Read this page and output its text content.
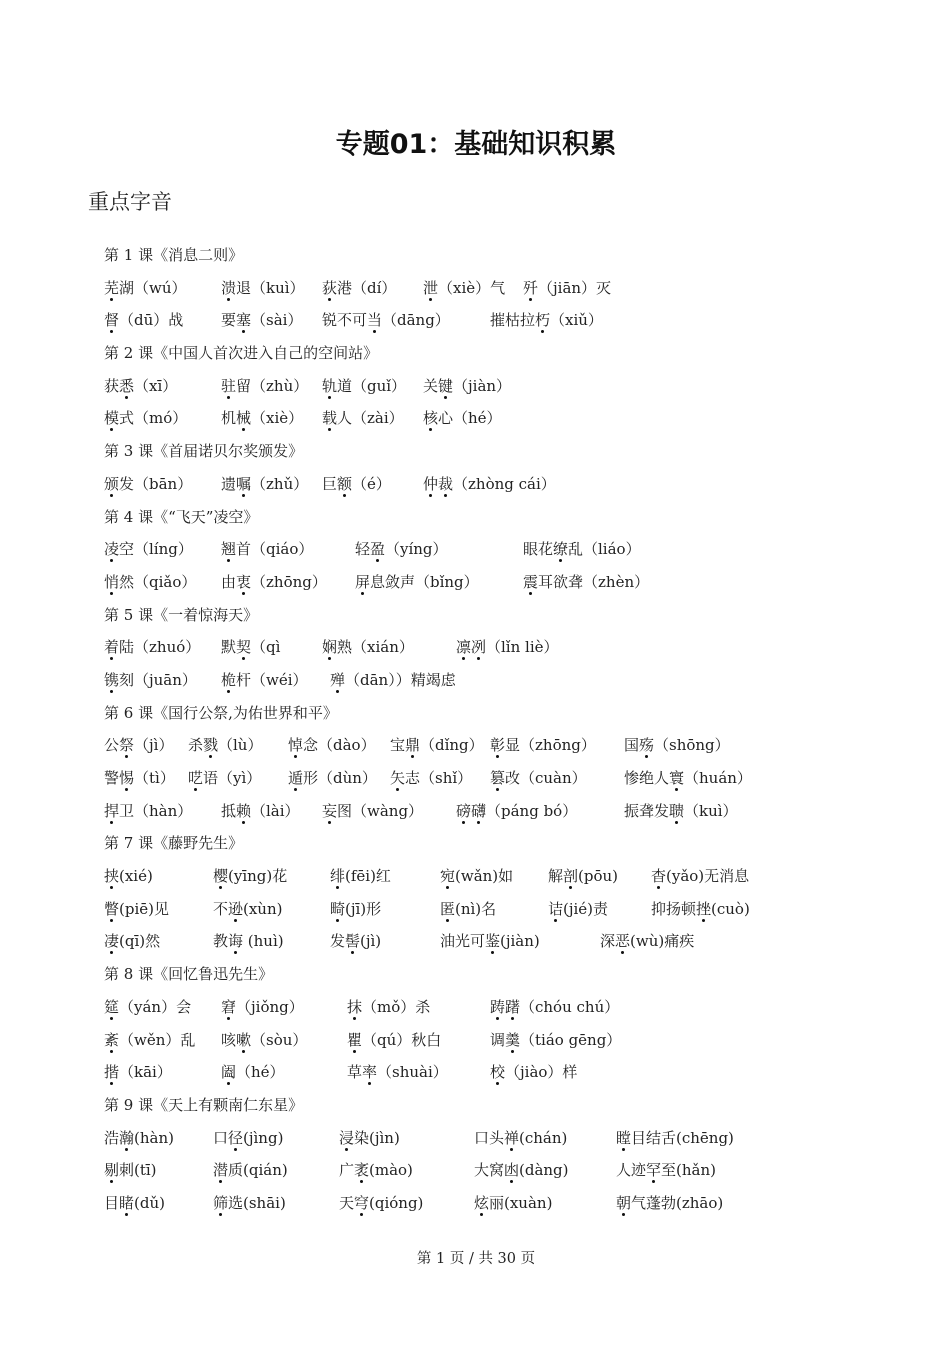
专题01：基础知识积累
重点字音
第 1 课《消息二则》
芜湖（wú） 溃退（kuì） 荻港（dí） 泄（xiè）气 歼（jiān）灭
督（dū）战	要塞（sài） 锐不可当（dāng）	摧枯拉朽（xiǔ）
第 2 课《中国人首次进入自己的空间站》
获悉（xī）	驻留（zhù） 轨道（guǐ） 关键（jiàn）
模式（mó） 机械（xiè） 载人（zài） 核心（hé）
第 3 课《首届诺贝尔奖颁发》
颁发（bān） 遗嘱（zhǔ） 巨额（é） 仲裁（zhòng cái）
第 4 课《“飞天”凌空》
凌空（líng） 翘首（qiáo）	轻盈（yíng）	眼花缭乱（liáo）
悄然（qiǎo） 由衷（zhōng） 屏息敛声（bǐng）	震耳欲聋（zhèn）
第 5 课《一着惊海天》
着陆（zhuó） 默契（qì	娴熟（xián）	凛冽（lǐn liè）
镌刻（juān） 桅杆（wéi） 殚（dān））精竭虑
第 6 课《国行公祭,为佑世界和平》
公祭（jì） 杀戮（lù） 悼念（dào） 宝鼎（dǐng） 彰显（zhōng） 国殇（shōng）
警惕（tì） 呓语（yì） 遁形（dùn） 矢志（shǐ） 篡改（cuàn） 惨绝人寰（huán）
捍卫（hàn） 抵赖（lài） 妄图（wàng） 磅礴（páng bó）	振聋发聩（kuì）
第 7 课《藤野先生》
挟(xié)	樱(yīng)花	绯(fēi)红	宛(wǎn)如 解剖(pōu) 杳(yǎo)无消息
瞥(piē)见	不逊(xùn)	畸(jī)形	匿(nì)名	诘(jié)责	抑扬顿挫(cuò)
凄(qī)然	教诲 (huì)	发髻(jì)	油光可鉴(jiàn)	深恶(wù)痛疾
第 8 课《回忆鲁迅先生》
筵（yán）会 窘（jiǒng）	抹（mǒ）杀	踌躇（chóu chú）
紊（wěn）乱 咳嗽（sòu）	瞿（qú）秋白	调羹（tiáo gēng）
揩（kāi）	阖（hé）	草率（shuài）	校（jiào）样
第 9 课《天上有颗南仁东星》
浩瀚(hàn)	口径(jìng)	浸染(jìn)	口头禅(chán)	瞠目结舌(chēng)
剔刺(tī)	潜质(qián)	广袤(mào)	大窝凼(dàng)	人迹罕至(hǎn)
目睹(dǔ)	筛选(shāi)	天穹(qióng)	炫丽(xuàn)	朝气蓬勃(zhāo)
第 1 页 / 共 30 页
